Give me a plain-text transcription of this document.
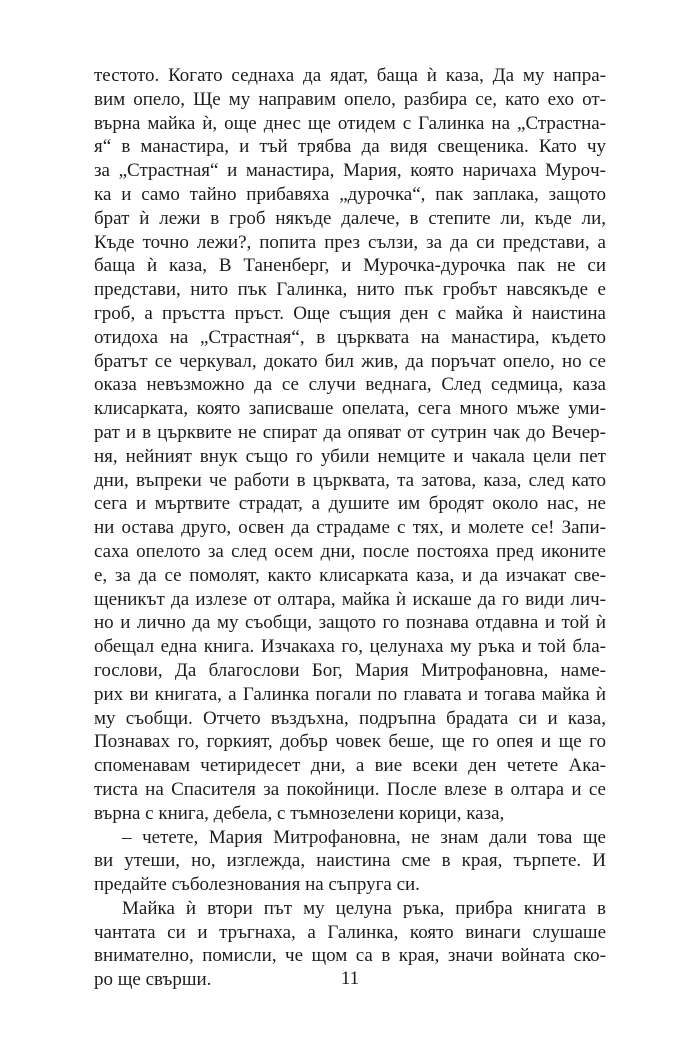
тестото. Когато седнаха да ядат, баща ѝ каза, Да му напра-
вим опело, Ще му направим опело, разбира се, като ехо от-
върна майка ѝ, още днес ще отидем с Галинка на „Страстна-
я“ в манастира, и тъй трябва да видя свещеника. Като чу
за „Страстная“ и манастира, Мария, която наричаха Мурoч-
ка и само тайно прибавяха „дурочка“, пак заплака, защото
брат ѝ лежи в гроб някъде далече, в степите ли, къде ли,
Къде точно лежи?, попита през сълзи, за да си представи, а
баща ѝ каза, В Таненберг, и Мурочка-дурочка пак не си
представи, нито пък Галинка, нито пък гробът навсякъде е
гроб, а пръстта пръст. Още същия ден с майка ѝ наистина
отидоха на „Страстная“, в църквата на манастира, където
братът се черкувал, докато бил жив, да поръчат опело, но се
оказа невъзможно да се случи веднага, След седмица, каза
клисарката, която записваше опелата, сега много мъже уми-
рат и в църквите не спират да опяват от сутрин чак до Вечер-
ня, нейният внук също го убили немците и чакала цели пет
дни, въпреки че работи в църквата, та затова, каза, след като
сега и мъртвите страдат, а душите им бродят около нас, не
ни остава друго, освен да страдаме с тях, и молете се! Запи-
саха опелото за след осем дни, после постояха пред иконите
е, за да се помолят, както клисарката каза, и да изчакат све-
щеникът да излезе от олтара, майка ѝ искаше да го види лич-
но и лично да му съобщи, защото го познава отдавна и той ѝ
обещал една книга. Изчакаха го, целунаха му ръка и той бла-
гослови, Да благослови Бог, Мария Митрофановна, наме-
рих ви книгата, а Галинка погали по главата и тогава майка ѝ
му съобщи. Отчето въздъхна, подръпна брадата си и каза,
Познавах го, горкият, добър човек беше, ще го опея и ще го
споменавам четиридесет дни, а вие всеки ден четете Ака-
тиста на Спасителя за покойници. После влезе в олтара и се
върна с книга, дебела, с тъмнозелени корици, каза,
– четете, Мария Митрофановна, не знам дали това ще
ви утеши, но, изглежда, наистина сме в края, търпете. И
предайте съболезнования на съпруга си.
Майка ѝ втори път му целуна ръка, прибра книгата в
чантата си и тръгнаха, а Галинка, която винаги слушаше
внимателно, помисли, че щом са в края, значи войната ско-
ро ще свърши.	11
